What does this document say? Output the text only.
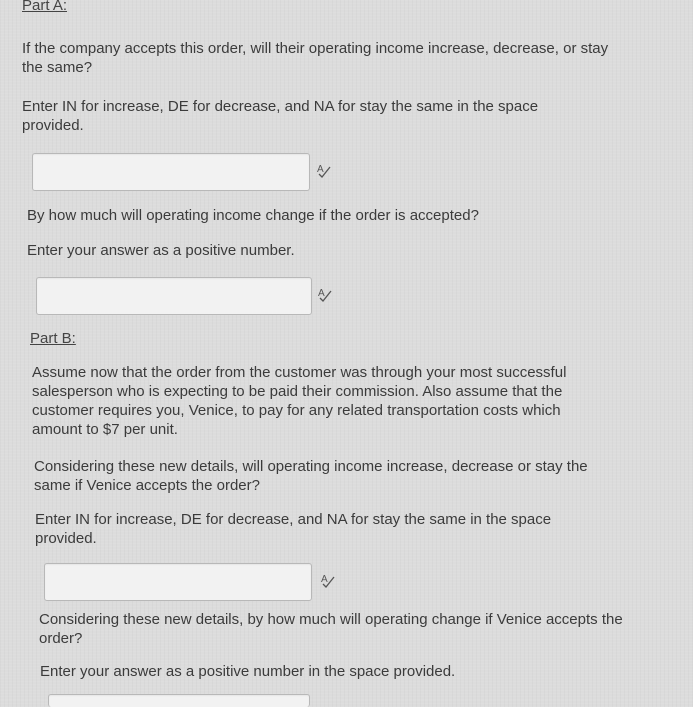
Part A:

If the company accepts this order, will their operating income increase, decrease, or stay the same?

Enter IN for increase, DE for decrease, and NA for stay the same in the space provided.

A

By how much will operating income change if the order is accepted?

Enter your answer as a positive number.

A

Part B:

Assume now that the order from the customer was through your most successful salesperson who is expecting to be paid their commission. Also assume that the customer requires you, Venice, to pay for any related transportation costs which amount to $7 per unit.

Considering these new details, will operating income increase, decrease or stay the same if Venice accepts the order?

Enter IN for increase, DE for decrease, and NA for stay the same in the space provided.

A

Considering these new details, by how much will operating change if Venice accepts the order?

Enter your answer as a positive number in the space provided.
